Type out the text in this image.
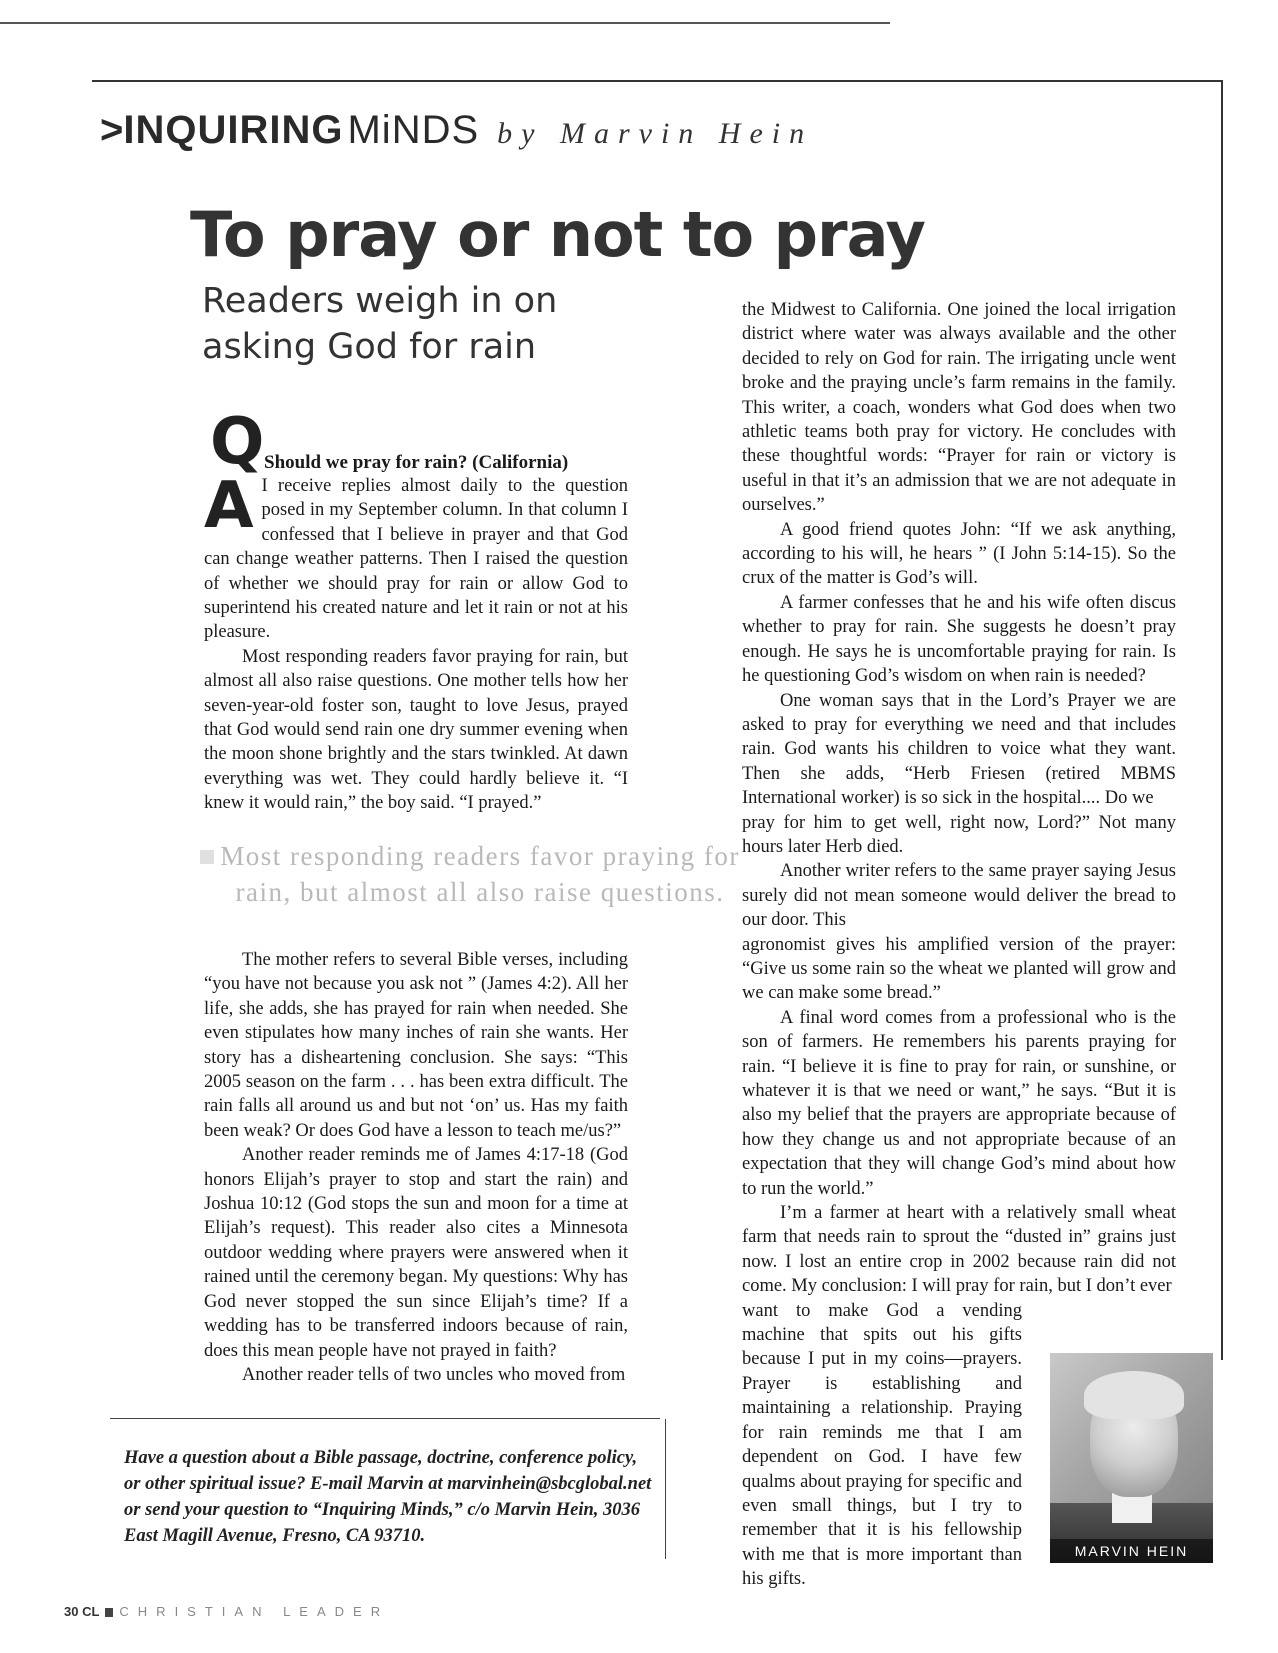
>INQUIRING MiNDS by Marvin Hein
To pray or not to pray
Readers weigh in on asking God for rain
Q Should we pray for rain? (California)

A I receive replies almost daily to the question posed in my September column. In that column I confessed that I believe in prayer and that God can change weather patterns. Then I raised the question of whether we should pray for rain or allow God to superintend his created nature and let it rain or not at his pleasure.

Most responding readers favor praying for rain, but almost all also raise questions. One mother tells how her seven-year-old foster son, taught to love Jesus, prayed that God would send rain one dry summer evening when the moon shone brightly and the stars twinkled. At dawn everything was wet. They could hardly believe it. “I knew it would rain,” the boy said. “I prayed.”

Most responding readers favor praying for rain, but almost all also raise questions.

The mother refers to several Bible verses, including “you have not because you ask not ” (James 4:2). All her life, she adds, she has prayed for rain when needed. She even stipulates how many inches of rain she wants. Her story has a disheartening conclusion. She says: “This 2005 season on the farm . . . has been extra difficult. The rain falls all around us and but not ‘on’ us. Has my faith been weak? Or does God have a lesson to teach me/us?”

Another reader reminds me of James 4:17-18 (God honors Elijah’s prayer to stop and start the rain) and Joshua 10:12 (God stops the sun and moon for a time at Elijah’s request). This reader also cites a Minnesota outdoor wedding where prayers were answered when it rained until the ceremony began. My questions: Why has God never stopped the sun since Elijah’s time? If a wedding has to be transferred indoors because of rain, does this mean people have not prayed in faith?

Another reader tells of two uncles who moved from

the Midwest to California. One joined the local irrigation district where water was always available and the other decided to rely on God for rain. The irrigating uncle went broke and the praying uncle’s farm remains in the family. This writer, a coach, wonders what God does when two athletic teams both pray for victory. He concludes with these thoughtful words: “Prayer for rain or victory is useful in that it’s an admission that we are not adequate in ourselves.”

A good friend quotes John: “If we ask anything, according to his will, he hears ” (I John 5:14-15). So the crux of the matter is God’s will.

A farmer confesses that he and his wife often discus whether to pray for rain. She suggests he doesn’t pray enough. He says he is uncomfortable praying for rain. Is he questioning God’s wisdom on when rain is needed?

One woman says that in the Lord’s Prayer we are asked to pray for everything we need and that includes rain. God wants his children to voice what they want. Then she adds, “Herb Friesen (retired MBMS International worker) is so sick in the hospital.... Do we

pray for him to get well, right now, Lord?” Not many hours later Herb died.

Another writer refers to the same prayer saying Jesus surely did not mean someone would deliver the bread to our door. This

agronomist gives his amplified version of the prayer: “Give us some rain so the wheat we planted will grow and we can make some bread.”

A final word comes from a professional who is the son of farmers. He remembers his parents praying for rain. “I believe it is fine to pray for rain, or sunshine, or whatever it is that we need or want,” he says. “But it is also my belief that the prayers are appropriate because of how they change us and not appropriate because of an expectation that they will change God’s mind about how to run the world.”

I’m a farmer at heart with a relatively small wheat farm that needs rain to sprout the “dusted in” grains just now. I lost an entire crop in 2002 because rain did not come. My conclusion: I will pray for rain, but I don’t ever

want to make God a vending machine that spits out his gifts because I put in my coins—prayers. Prayer is establishing and maintaining a relationship. Praying for rain reminds me that I am dependent on God. I have few qualms about praying for specific and even small things, but I try to remember that it is his fellowship with me that is more important than his gifts.

Have a question about a Bible passage, doctrine, conference policy, or other spiritual issue? E-mail Marvin at marvinhein@sbcglobal.net or send your question to “Inquiring Minds,” c/o Marvin Hein, 3036 East Magill Avenue, Fresno, CA 93710.
MARVIN HEIN
30 CL CHRISTIAN LEADER
